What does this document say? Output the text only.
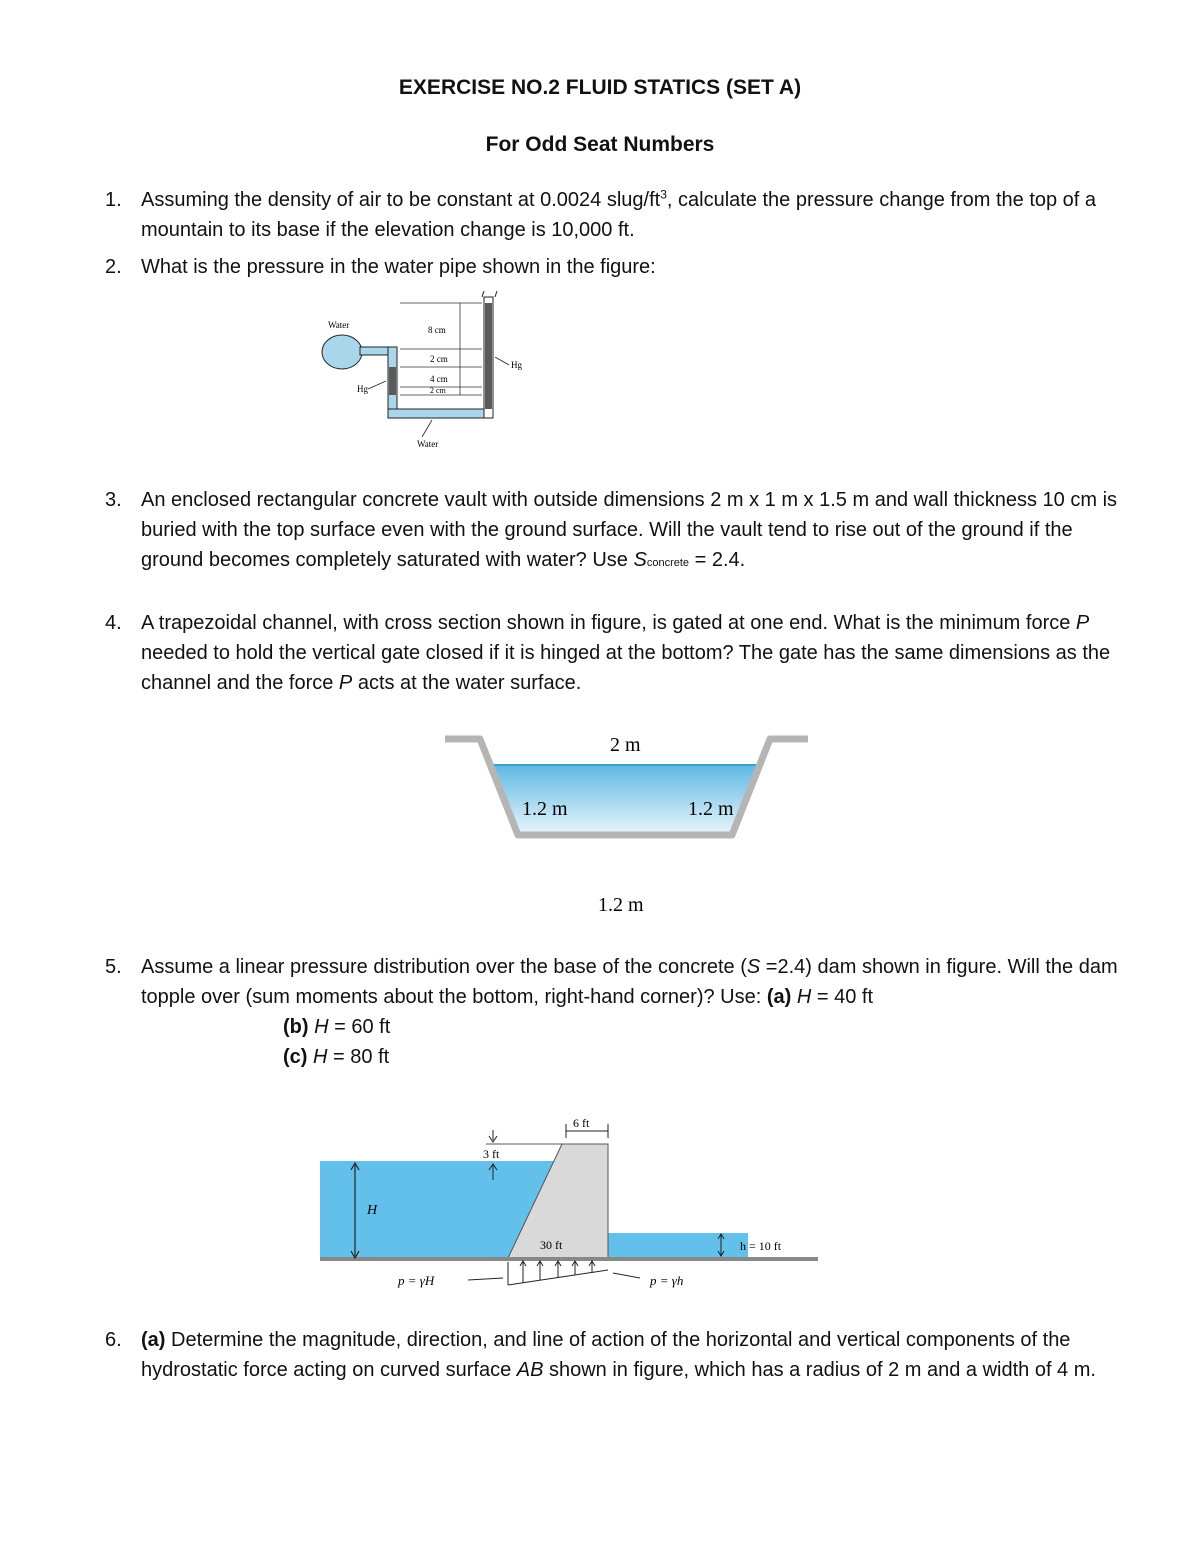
EXERCISE NO.2 FLUID STATICS (SET A)
For Odd Seat Numbers
1. Assuming the density of air to be constant at 0.0024 slug/$ft^3$, calculate the pressure change from the top of a mountain to its base if the elevation change is 10,000 ft.
2. What is the pressure in the water pipe shown in the figure:
Water	8 cm
2 cm
4 cm
2 cm
Hg
Hg
Water
3. An enclosed rectangular concrete vault with outside dimensions 2 m x 1 m x 1.5 m and wall thickness 10 cm is buried with the top surface even with the ground surface. Will the vault tend to rise out of the ground if the ground becomes completely saturated with water? Use Sconcrete = 2.4.
4. A trapezoidal channel, with cross section shown in figure, is gated at one end. What is the minimum force P needed to hold the vertical gate closed if it is hinged at the bottom? The gate has the same dimensions as the channel and the force P acts at the water surface.
2 m
1.2 m	1.2 m
1.2 m
5. Assume a linear pressure distribution over the base of the concrete (S =2.4) dam shown in figure. Will the dam topple over (sum moments about the bottom, right-hand corner)? Use: (a) H = 40 ft
(b) H = 60 ft
(c) H = 80 ft
H
6 ft
3 ft
30 ft	h = 10 ft
p = γH	p = γh
6. (a) Determine the magnitude, direction, and line of action of the horizontal and vertical components of the hydrostatic force acting on curved surface AB shown in figure, which has a radius of 2 m and a width of 4 m.
